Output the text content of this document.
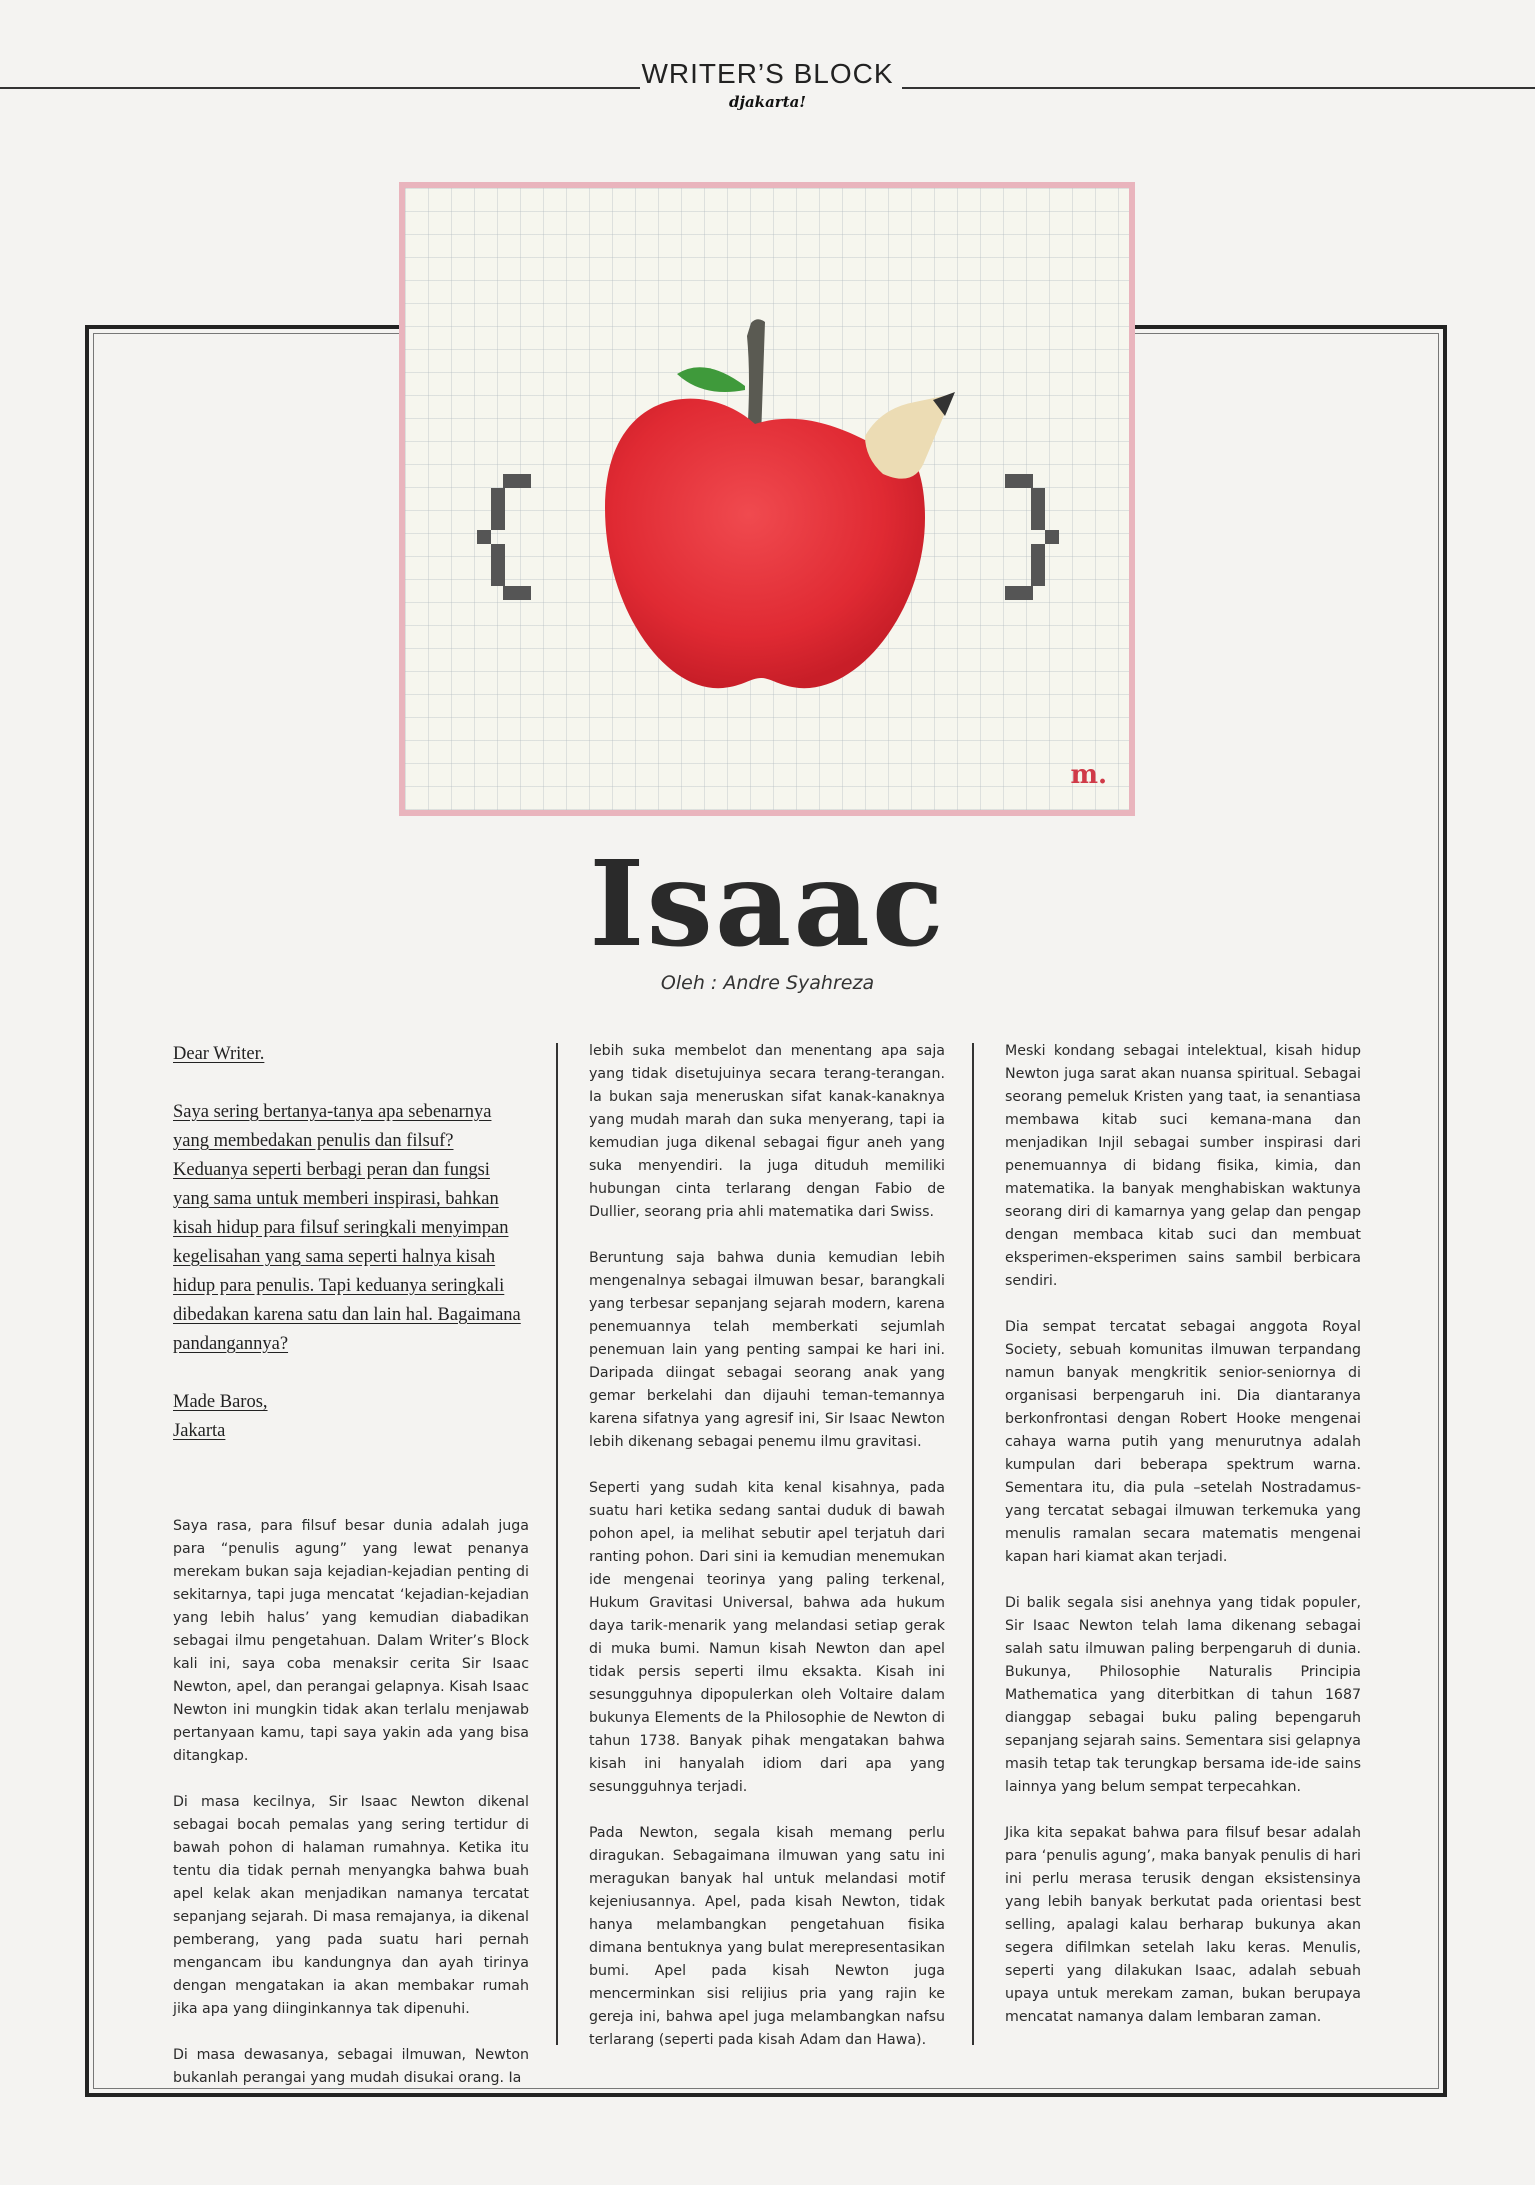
WRITER’S BLOCK
djakarta!
m.
Isaac
Oleh : Andre Syahreza

Dear Writer.

Saya sering bertanya-tanya apa sebenarnya yang membedakan penulis dan filsuf? Keduanya seperti berbagi peran dan fungsi yang sama untuk memberi inspirasi, bahkan kisah hidup para filsuf seringkali menyimpan kegelisahan yang sama seperti halnya kisah hidup para penulis. Tapi keduanya seringkali dibedakan karena satu dan lain hal. Bagaimana pandangannya?

Made Baros,
Jakarta

Saya rasa, para filsuf besar dunia adalah juga para “penulis agung” yang lewat penanya merekam bukan saja kejadian-kejadian penting di sekitarnya, tapi juga mencatat ‘kejadian-kejadian yang lebih halus’ yang kemudian diabadikan sebagai ilmu pengetahuan. Dalam Writer’s Block kali ini, saya coba menaksir cerita Sir Isaac Newton, apel, dan perangai gelapnya. Kisah Isaac Newton ini mungkin tidak akan terlalu menjawab pertanyaan kamu, tapi saya yakin ada yang bisa ditangkap.

Di masa kecilnya, Sir Isaac Newton dikenal sebagai bocah pemalas yang sering tertidur di bawah pohon di halaman rumahnya. Ketika itu tentu dia tidak pernah menyangka bahwa buah apel kelak akan menjadikan namanya tercatat sepanjang sejarah. Di masa remajanya, ia dikenal pemberang, yang pada suatu hari pernah mengancam ibu kandungnya dan ayah tirinya dengan mengatakan ia akan membakar rumah jika apa yang diinginkannya tak dipenuhi.

Di masa dewasanya, sebagai ilmuwan, Newton bukanlah perangai yang mudah disukai orang. Ia

lebih suka membelot dan menentang apa saja yang tidak disetujuinya secara terang-terangan. Ia bukan saja meneruskan sifat kanak-kanaknya yang mudah marah dan suka menyerang, tapi ia kemudian juga dikenal sebagai figur aneh yang suka menyendiri. Ia juga dituduh memiliki hubungan cinta terlarang dengan Fabio de Dullier, seorang pria ahli matematika dari Swiss.

Beruntung saja bahwa dunia kemudian lebih mengenalnya sebagai ilmuwan besar, barangkali yang terbesar sepanjang sejarah modern, karena penemuannya telah memberkati sejumlah penemuan lain yang penting sampai ke hari ini. Daripada diingat sebagai seorang anak yang gemar berkelahi dan dijauhi teman-temannya karena sifatnya yang agresif ini, Sir Isaac Newton lebih dikenang sebagai penemu ilmu gravitasi.

Seperti yang sudah kita kenal kisahnya, pada suatu hari ketika sedang santai duduk di bawah pohon apel, ia melihat sebutir apel terjatuh dari ranting pohon. Dari sini ia kemudian menemukan ide mengenai teorinya yang paling terkenal, Hukum Gravitasi Universal, bahwa ada hukum daya tarik-menarik yang melandasi setiap gerak di muka bumi. Namun kisah Newton dan apel tidak persis seperti ilmu eksakta. Kisah ini sesungguhnya dipopulerkan oleh Voltaire dalam bukunya Elements de la Philosophie de Newton di tahun 1738. Banyak pihak mengatakan bahwa kisah ini hanyalah idiom dari apa yang sesungguhnya terjadi.

Pada Newton, segala kisah memang perlu diragukan. Sebagaimana ilmuwan yang satu ini meragukan banyak hal untuk melandasi motif kejeniusannya. Apel, pada kisah Newton, tidak hanya melambangkan pengetahuan fisika dimana bentuknya yang bulat merepresentasikan bumi. Apel pada kisah Newton juga mencerminkan sisi relijius pria yang rajin ke gereja ini, bahwa apel juga melambangkan nafsu terlarang (seperti pada kisah Adam dan Hawa).

Meski kondang sebagai intelektual, kisah hidup Newton juga sarat akan nuansa spiritual. Sebagai seorang pemeluk Kristen yang taat, ia senantiasa membawa kitab suci kemana-mana dan menjadikan Injil sebagai sumber inspirasi dari penemuannya di bidang fisika, kimia, dan matematika. Ia banyak menghabiskan waktunya seorang diri di kamarnya yang gelap dan pengap dengan membaca kitab suci dan membuat eksperimen-eksperimen sains sambil berbicara sendiri.

Dia sempat tercatat sebagai anggota Royal Society, sebuah komunitas ilmuwan terpandang namun banyak mengkritik senior-seniornya di organisasi berpengaruh ini. Dia diantaranya berkonfrontasi dengan Robert Hooke mengenai cahaya warna putih yang menurutnya adalah kumpulan dari beberapa spektrum warna. Sementara itu, dia pula –setelah Nostradamus- yang tercatat sebagai ilmuwan terkemuka yang menulis ramalan secara matematis mengenai kapan hari kiamat akan terjadi.

Di balik segala sisi anehnya yang tidak populer, Sir Isaac Newton telah lama dikenang sebagai salah satu ilmuwan paling berpengaruh di dunia. Bukunya, Philosophie Naturalis Principia Mathematica yang diterbitkan di tahun 1687 dianggap sebagai buku paling bepengaruh sepanjang sejarah sains. Sementara sisi gelapnya masih tetap tak terungkap bersama ide-ide sains lainnya yang belum sempat terpecahkan.

Jika kita sepakat bahwa para filsuf besar adalah para ‘penulis agung’, maka banyak penulis di hari ini perlu merasa terusik dengan eksistensinya yang lebih banyak berkutat pada orientasi best selling, apalagi kalau berharap bukunya akan segera difilmkan setelah laku keras. Menulis, seperti yang dilakukan Isaac, adalah sebuah upaya untuk merekam zaman, bukan berupaya mencatat namanya dalam lembaran zaman.
